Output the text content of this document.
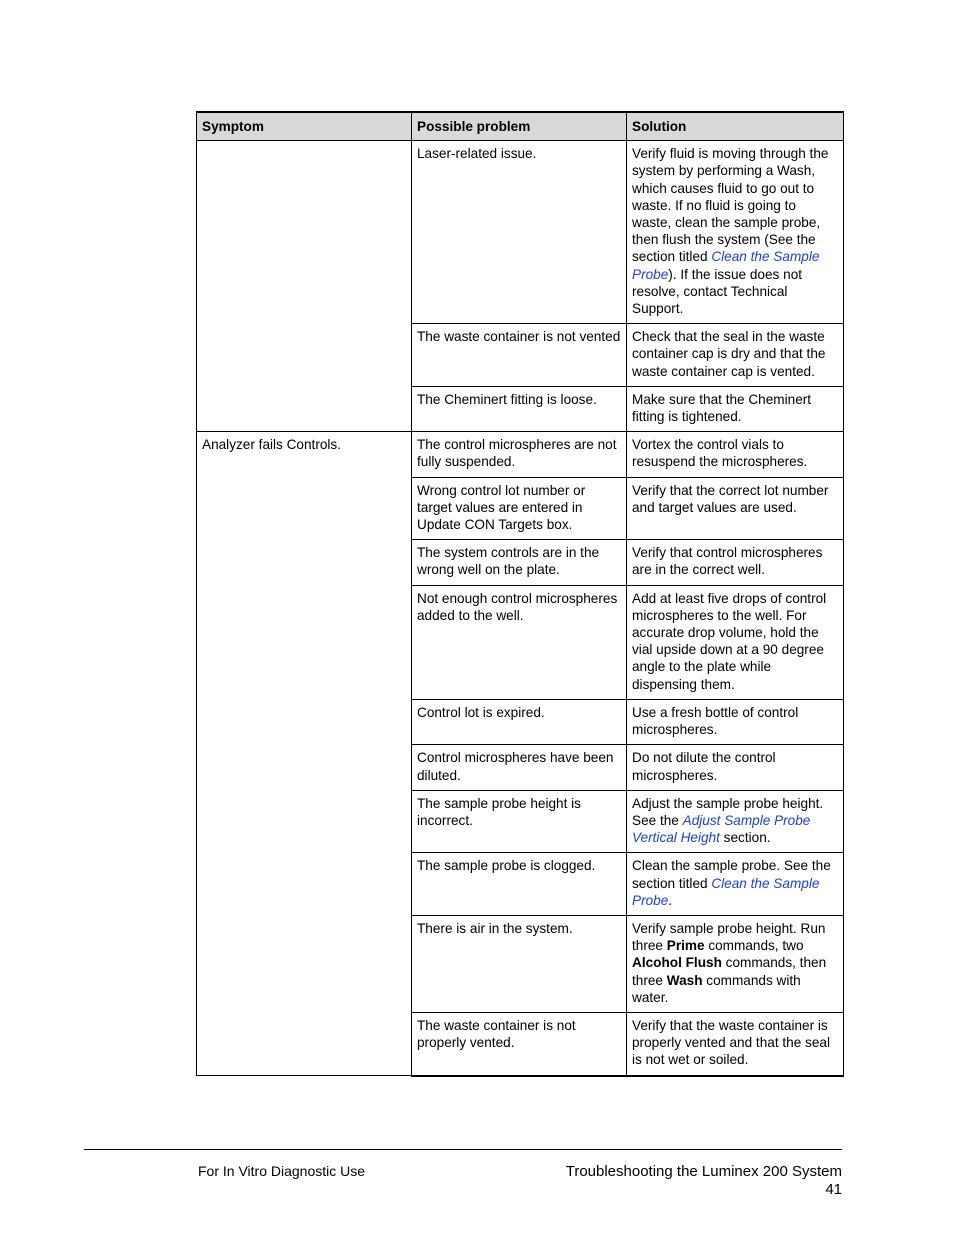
Symptom	Possible problem	Solution
	Laser-related issue.	Verify fluid is moving through the system by performing a Wash, which causes fluid to go out to waste. If no fluid is going to waste, clean the sample probe, then flush the system (See the section titled Clean the Sample Probe). If the issue does not resolve, contact Technical Support.
	The waste container is not vented	Check that the seal in the waste container cap is dry and that the waste container cap is vented.
	The Cheminert fitting is loose.	Make sure that the Cheminert fitting is tightened.
Analyzer fails Controls.	The control microspheres are not fully suspended.	Vortex the control vials to resuspend the microspheres.
	Wrong control lot number or target values are entered in Update CON Targets box.	Verify that the correct lot number and target values are used.
	The system controls are in the wrong well on the plate.	Verify that control microspheres are in the correct well.
	Not enough control microspheres added to the well.	Add at least five drops of control microspheres to the well. For accurate drop volume, hold the vial upside down at a 90 degree angle to the plate while dispensing them.
	Control lot is expired.	Use a fresh bottle of control microspheres.
	Control microspheres have been diluted.	Do not dilute the control microspheres.
	The sample probe height is incorrect.	Adjust the sample probe height. See the Adjust Sample Probe Vertical Height section.
	The sample probe is clogged.	Clean the sample probe. See the section titled Clean the Sample Probe.
	There is air in the system.	Verify sample probe height. Run three Prime commands, two Alcohol Flush commands, then three Wash commands with water.
	The waste container is not properly vented.	Verify that the waste container is properly vented and that the seal is not wet or soiled.
For In Vitro Diagnostic Use	Troubleshooting the Luminex 200 System
41
